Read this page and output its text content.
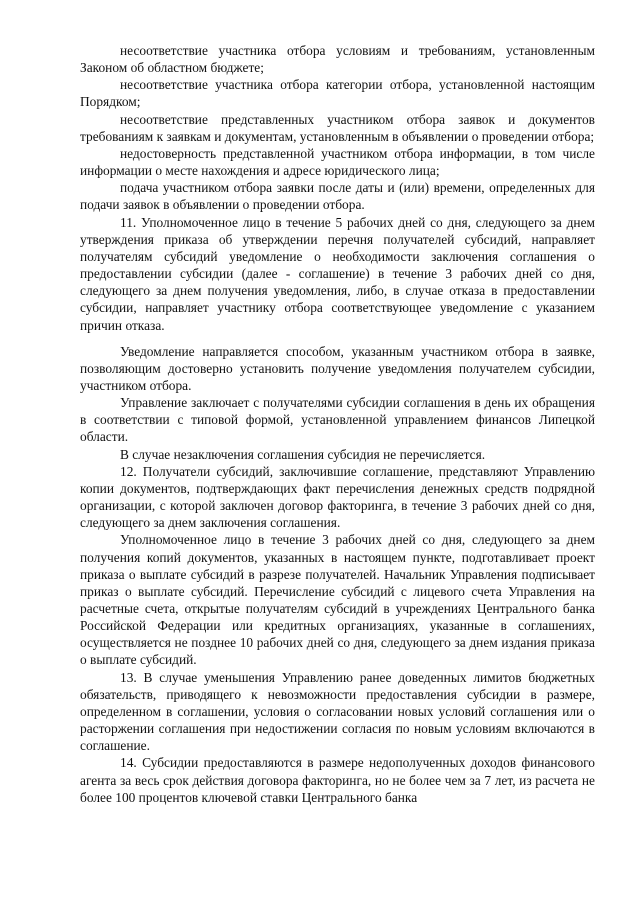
несоответствие участника отбора условиям и требованиям, установленным Законом об областном бюджете;

несоответствие участника отбора категории отбора, установленной настоящим Порядком;

несоответствие представленных участником отбора заявок и документов требованиям к заявкам и документам, установленным в объявлении о проведении отбора;

недостоверность представленной участником отбора информации, в том числе информации о месте нахождения и адресе юридического лица;

подача участником отбора заявки после даты и (или) времени, определенных для подачи заявок в объявлении о проведении отбора.

11. Уполномоченное лицо в течение 5 рабочих дней со дня, следующего за днем утверждения приказа об утверждении перечня получателей субсидий, направляет получателям субсидий уведомление о необходимости заключения соглашения о предоставлении субсидии (далее - соглашение) в течение 3 рабочих дней со дня, следующего за днем получения уведомления, либо, в случае отказа в предоставлении субсидии, направляет участнику отбора соответствующее уведомление с указанием причин отказа.

Уведомление направляется способом, указанным участником отбора в заявке, позволяющим достоверно установить получение уведомления получателем субсидии, участником отбора.

Управление заключает с получателями субсидии соглашения в день их обращения в соответствии с типовой формой, установленной управлением финансов Липецкой области.

В случае незаключения соглашения субсидия не перечисляется.

12. Получатели субсидий, заключившие соглашение, представляют Управлению копии документов, подтверждающих факт перечисления денежных средств подрядной организации, с которой заключен договор факторинга, в течение 3 рабочих дней со дня, следующего за днем заключения соглашения.

Уполномоченное лицо в течение 3 рабочих дней со дня, следующего за днем получения копий документов, указанных в настоящем пункте, подготавливает проект приказа о выплате субсидий в разрезе получателей. Начальник Управления подписывает приказ о выплате субсидий. Перечисление субсидий с лицевого счета Управления на расчетные счета, открытые получателям субсидий в учреждениях Центрального банка Российской Федерации или кредитных организациях, указанные в соглашениях, осуществляется не позднее 10 рабочих дней со дня, следующего за днем издания приказа о выплате субсидий.

13. В случае уменьшения Управлению ранее доведенных лимитов бюджетных обязательств, приводящего к невозможности предоставления субсидии в размере, определенном в соглашении, условия о согласовании новых условий соглашения или о расторжении соглашения при недостижении согласия по новым условиям включаются в соглашение.

14. Субсидии предоставляются в размере недополученных доходов финансового агента за весь срок действия договора факторинга, но не более чем за 7 лет, из расчета не более 100 процентов ключевой ставки Центрального банка
